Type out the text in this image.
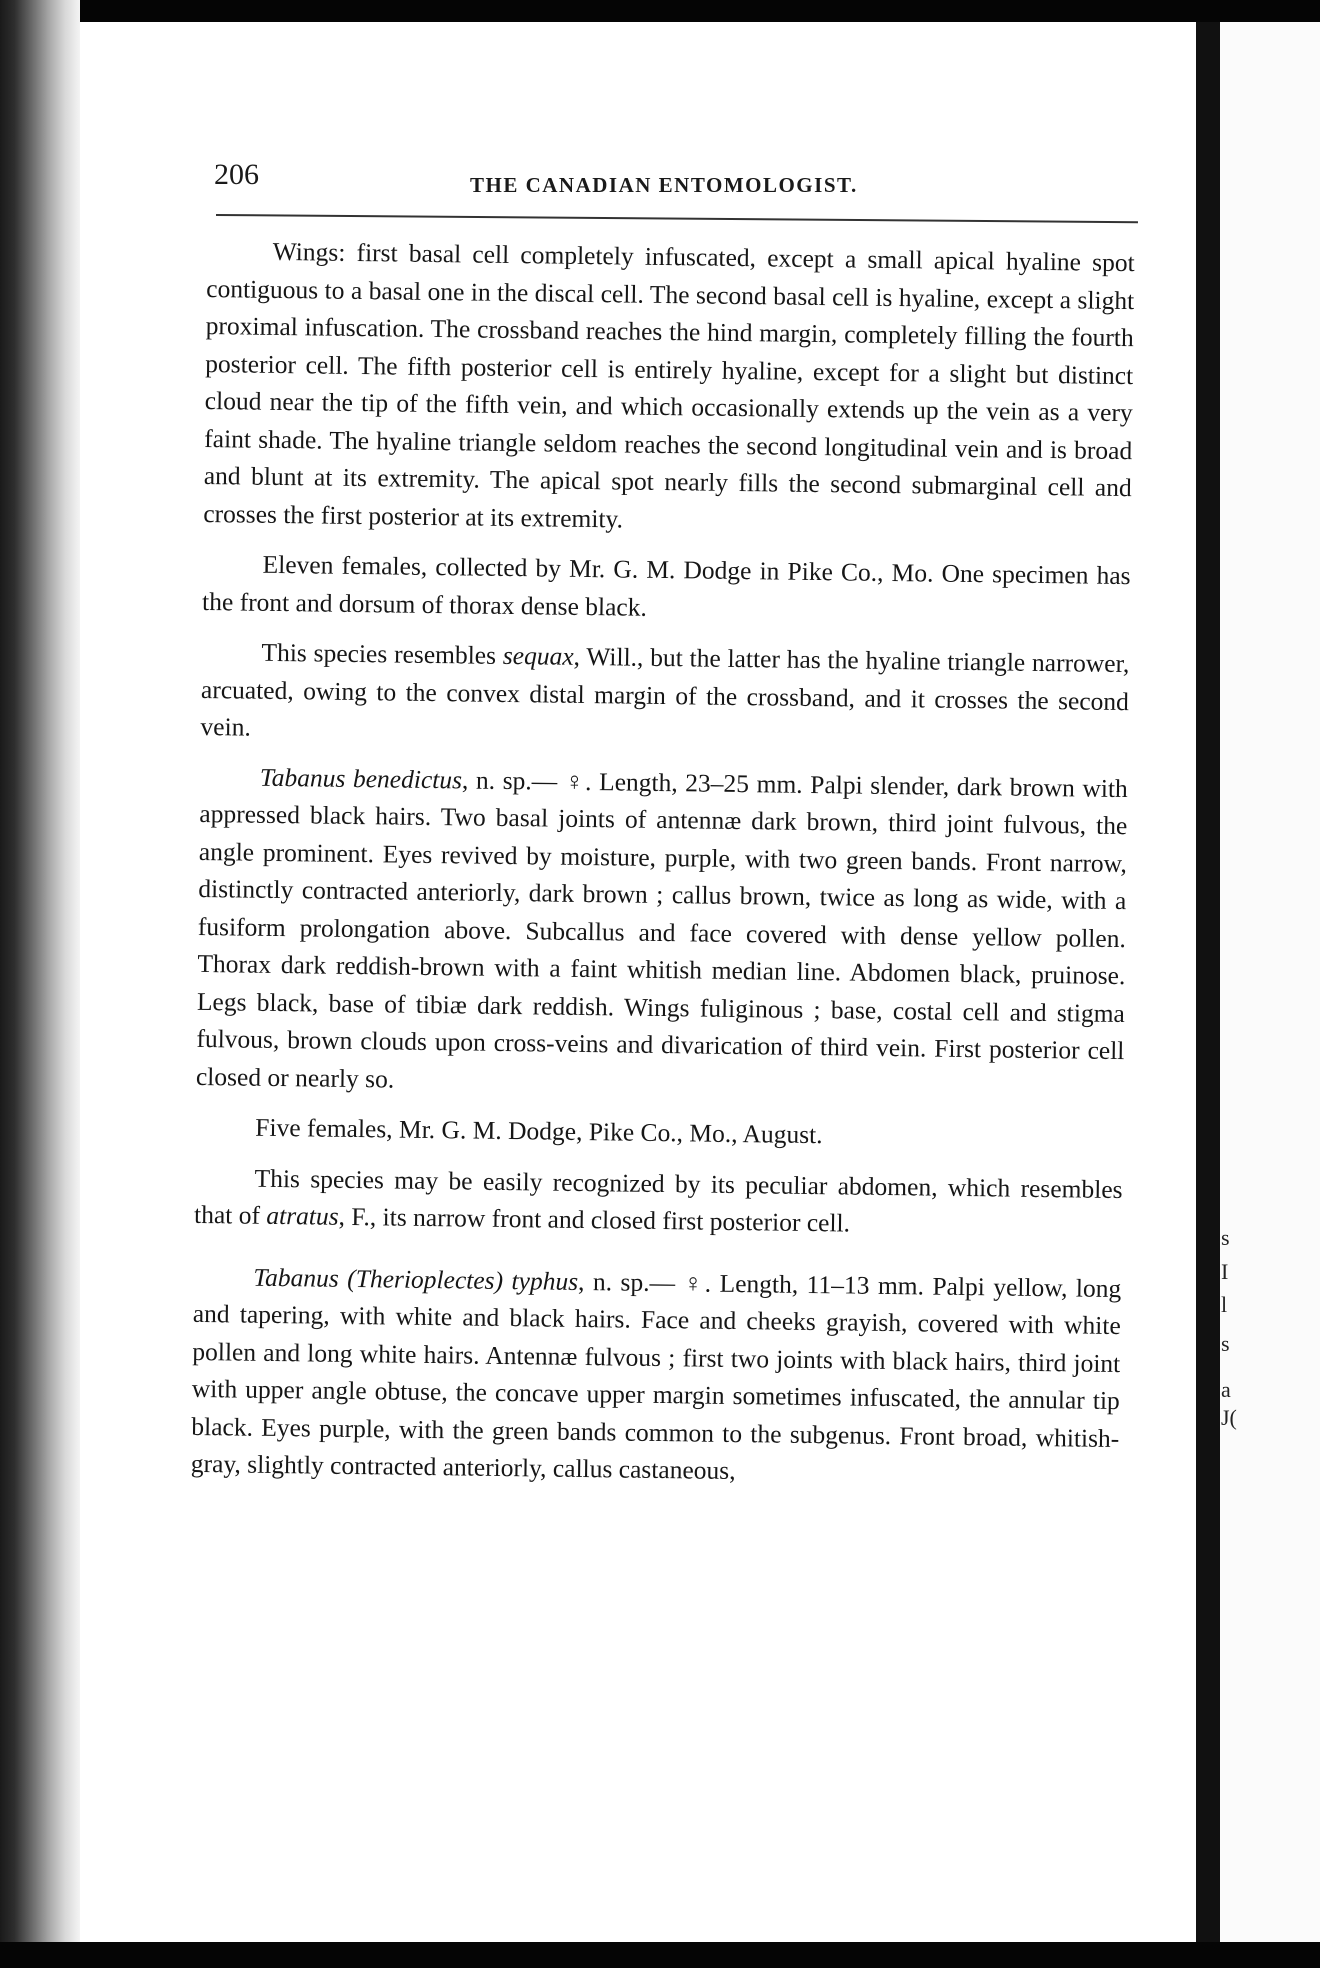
s
I
l
s
a
J(
206	THE CANADIAN ENTOMOLOGIST.

Wings: first basal cell completely infuscated, except a small apical hyaline spot contiguous to a basal one in the discal cell. The second basal cell is hyaline, except a slight proximal infuscation. The crossband reaches the hind margin, completely filling the fourth posterior cell. The fifth posterior cell is entirely hyaline, except for a slight but distinct cloud near the tip of the fifth vein, and which occasionally extends up the vein as a very faint shade. The hyaline triangle seldom reaches the second longitudinal vein and is broad and blunt at its extremity. The apical spot nearly fills the second submarginal cell and crosses the first posterior at its extremity.

Eleven females, collected by Mr. G. M. Dodge in Pike Co., Mo. One specimen has the front and dorsum of thorax dense black.

This species resembles sequax, Will., but the latter has the hyaline triangle narrower, arcuated, owing to the convex distal margin of the crossband, and it crosses the second vein.

Tabanus benedictus, n. sp.— ♀. Length, 23–25 mm. Palpi slender, dark brown with appressed black hairs. Two basal joints of antennæ dark brown, third joint fulvous, the angle prominent. Eyes revived by moisture, purple, with two green bands. Front narrow, distinctly contracted anteriorly, dark brown ; callus brown, twice as long as wide, with a fusiform prolongation above. Subcallus and face covered with dense yellow pollen. Thorax dark reddish-brown with a faint whitish median line. Abdomen black, pruinose. Legs black, base of tibiæ dark reddish. Wings fuliginous ; base, costal cell and stigma fulvous, brown clouds upon cross-veins and divarication of third vein. First posterior cell closed or nearly so.

Five females, Mr. G. M. Dodge, Pike Co., Mo., August.

This species may be easily recognized by its peculiar abdomen, which resembles that of atratus, F., its narrow front and closed first posterior cell.

Tabanus (Therioplectes) typhus, n. sp.— ♀. Length, 11–13 mm. Palpi yellow, long and tapering, with white and black hairs. Face and cheeks grayish, covered with white pollen and long white hairs. Antennæ fulvous ; first two joints with black hairs, third joint with upper angle obtuse, the concave upper margin sometimes infuscated, the annular tip black. Eyes purple, with the green bands common to the subgenus. Front broad, whitish-gray, slightly contracted anteriorly, callus castaneous,
